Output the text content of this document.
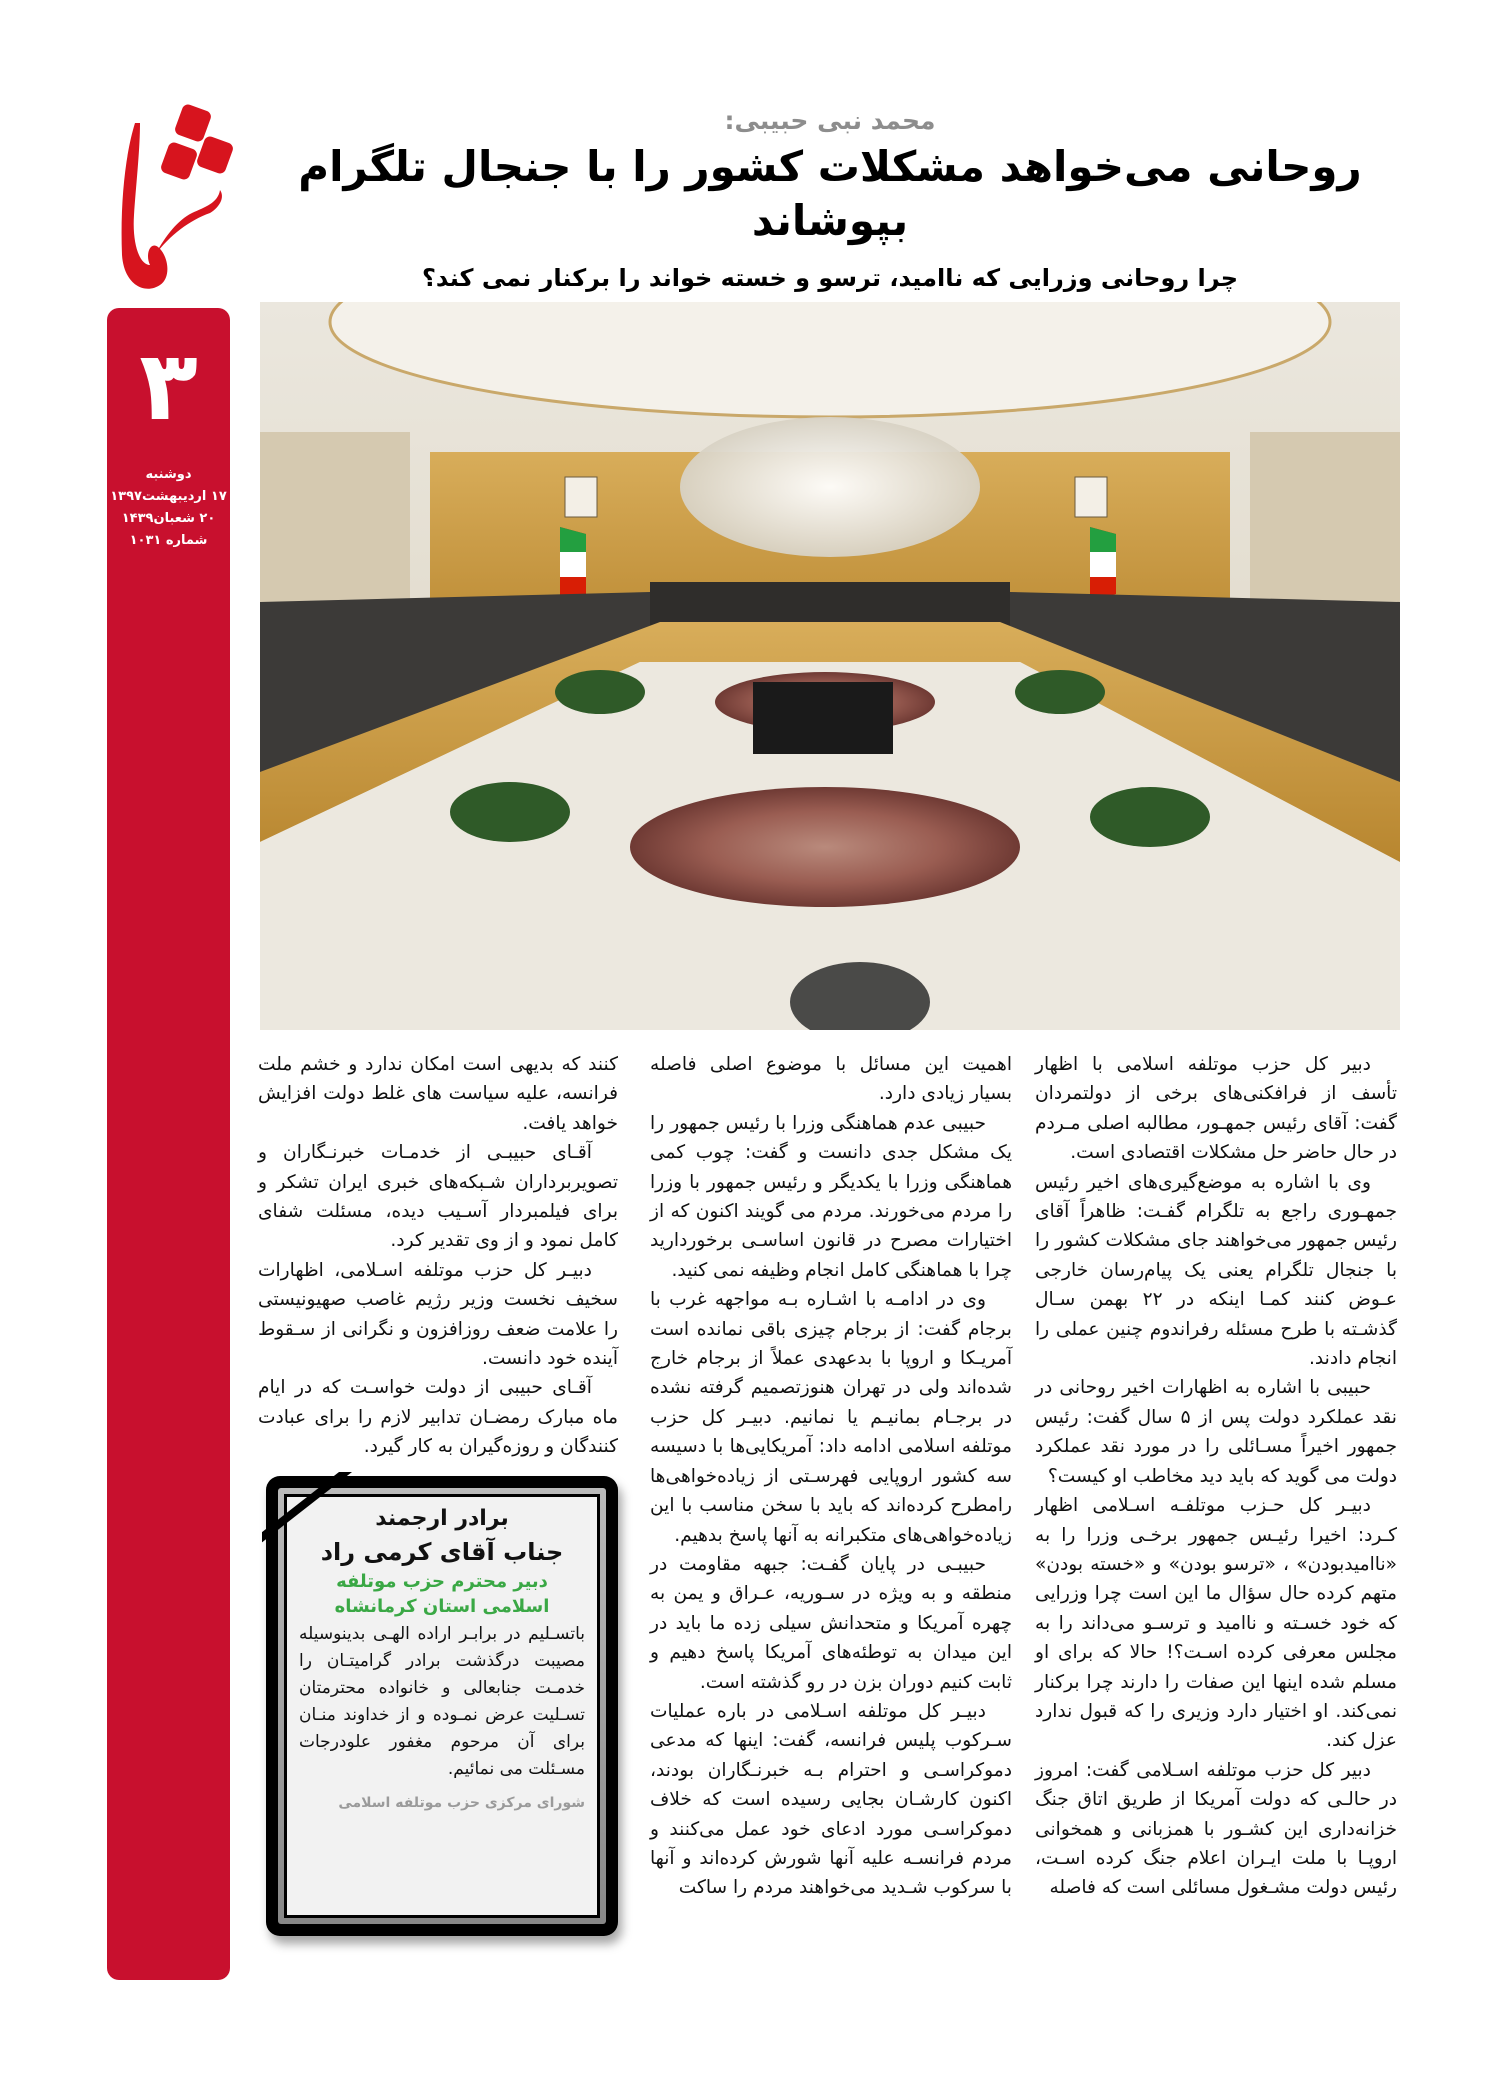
۳
دوشنبه
۱۷ اردیبهشت۱۳۹۷
۲۰ شعبان۱۴۳۹
شماره ۱۰۳۱
محمد نبی حبیبی:
روحانی می‌خواهد مشکلات کشور را با جنجال تلگرام بپوشاند
چرا روحانی وزرایی که ناامید، ترسو و خسته خواند را برکنار نمی کند؟

دبیر کل حزب موتلفه اسلامی با اظهار تأسف از فرافکنی‌های برخی از دولتمردان گفت: آقای رئیس جمهـور، مطالبه اصلی مـردم در حال حاضر حل مشکلات اقتصادی است.

وی با اشاره به موضع‌گیری‌های اخیر رئیس جمهـوری راجع به تلگرام گفـت: ظاهراً آقای رئیس جمهور می‌خواهند جای مشکلات کشور را با جنجال تلگرام یعنی یک پیام‌رسان خارجی عـوض کنند کمـا اینکه در ۲۲ بهمن سـال گذشـته با طرح مسئله رفراندوم چنین عملی را انجام دادند.

حبیبی با اشاره به اظهارات اخیر روحانی در نقد عملکرد دولت پس از ۵ سال گفت: رئیس جمهور اخیراً مسـائلی را در مورد نقد عملکرد دولت می گوید که باید دید مخاطب او کیست؟

دبیـر کل حـزب موتلفـه اسـلامی اظهار کـرد: اخیرا رئیـس جمهور برخـی وزرا را به «ناامیدبودن» ، «ترسو بودن» و «خسته بودن» متهم کرده حال سؤال ما این است چرا وزرایی که خود خسـته و ناامید و ترسـو می‌داند را به مجلس معرفی کرده اسـت؟! حالا که برای او مسلم شده اینها این صفات را دارند چرا برکنار نمی‌کند. او اختیار دارد وزیری را که قبول ندارد عزل کند.

دبیر کل حزب موتلفه اسـلامی گفت: امروز در حالـی که دولت آمریکا از طریق اتاق جنگ خزانه‌داری این کشـور با همزبانی و همخوانی اروپـا با ملت ایـران اعلام جنگ کرده اسـت، رئیس دولت مشـغول مسائلی است که فاصله

اهمیت این مسائل با موضوع اصلی فاصله بسیار زیادی دارد.

حبیبی عدم هماهنگی وزرا با رئیس جمهور را یک مشکل جدی دانست و گفت: چوب کمی هماهنگی وزرا با یکدیگر و رئیس جمهور با وزرا را مردم می‌خورند. مردم می گویند اکنون که از اختیارات مصرح در قانون اساسـی برخوردارید چرا با هماهنگی کامل انجام وظیفه نمی کنید.

وی در ادامـه با اشـاره بـه مواجهه غرب با برجام گفت: از برجام چیزی باقی نمانده است آمریـکا و اروپا با بدعهدی عملاً از برجام خارج شده‌اند ولی در تهران هنوزتصمیم گرفته نشده در برجـام بمانیـم یا نمانیم. دبیـر کل حزب موتلفه اسلامی ادامه داد: آمریکایی‌ها با دسیسه سه کشور اروپایی فهرسـتی از زیاده‌خواهی‌ها رامطرح کرده‌اند که باید با سخن مناسب با این زیاده‌خواهی‌های متکبرانه به آنها پاسخ بدهیم.

حبیبـی در پایان گفـت: جبهه مقاومت در منطقه و به ویژه در سـوریه، عـراق و یمن به چهره آمریکا و متحدانش سیلی زده ما باید در این میدان به توطئه‌های آمریکا پاسخ دهیم و ثابت کنیم دوران بزن در رو گذشته است.

دبیـر کل موتلفه اسـلامی در باره عملیات سـرکوب پلیس فرانسه، گفت: اینها که مدعی دموکراسـی و احترام بـه خبرنـگاران بودند، اکنون کارشـان بجایی رسیده است که خلاف دموکراسـی مورد ادعای خود عمل می‌کنند و مردم فرانسـه علیه آنها شورش کرده‌اند و آنها با سرکوب شـدید می‌خواهند مردم را ساکت

کنند که بدیهی است امکان ندارد و خشم ملت فرانسه، علیه سیاست های غلط دولت افزایش خواهد یافت.

آقـای حبیبـی از خدمـات خبرنـگاران و تصویربرداران شـبکه‌های خبری ایران تشکر و برای فیلمبردار آسـیب دیده، مسئلت شفای کامل نمود و از وی تقدیر کرد.

دبیـر کل حزب موتلفه اسـلامی، اظهارات سخیف نخست وزیر رژیم غاصب صهیونیستی را علامت ضعف روزافزون و نگرانی از سـقوط آینده خود دانست.

آقـای حبیبی از دولت خواسـت که در ایام ماه مبارک رمضـان تدابیر لازم را برای عبادت کنندگان و روزه‌گیران به کار گیرد.

برادر ارجمند
جناب آقای کرمی راد
دبیر محترم حزب موتلفه
اسلامی استان کرمانشاه
باتسـلیم در برابـر اراده الهـی بدینوسیله مصیبت درگذشت برادر گرامیتـان را خدمـت جنابعالی و خانواده محترمتان تسـلیت عرض نمـوده و از خداوند منـان برای آن مرحوم مغفور علودرجات مسـئلت می نمائیم.
شورای مرکزی حزب موتلفه اسلامی
